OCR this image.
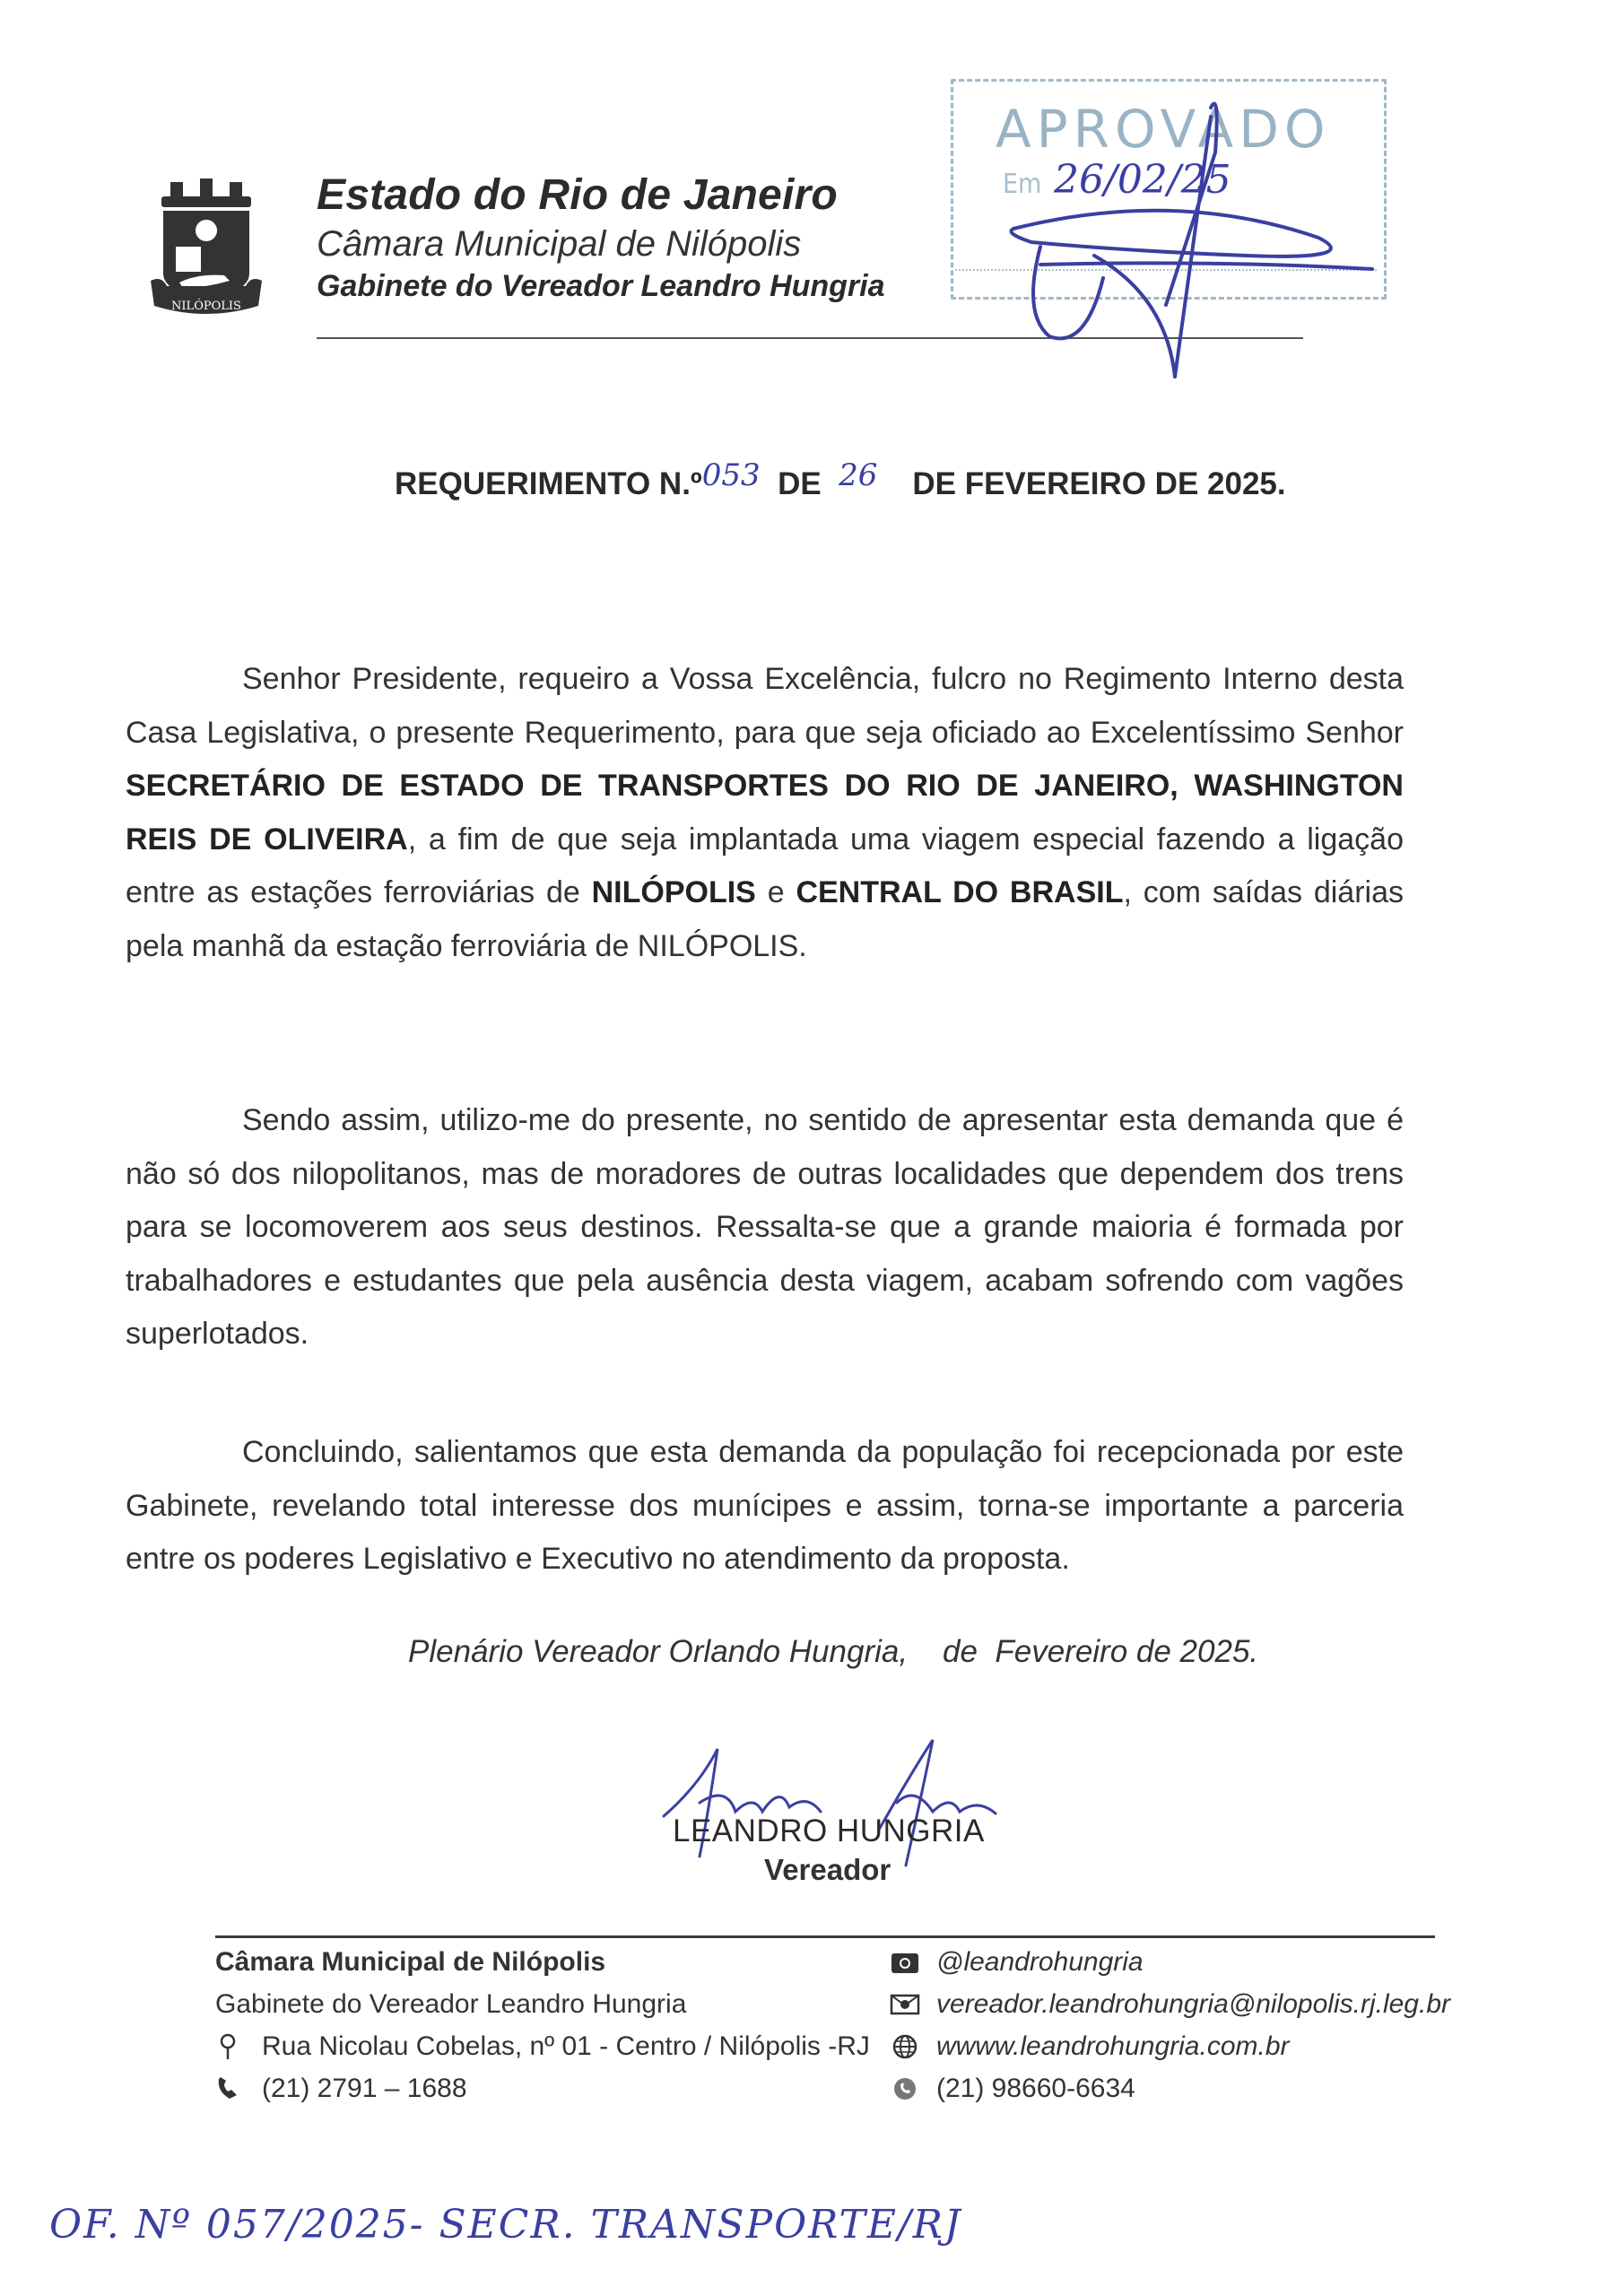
NILÓPOLIS
Estado do Rio de Janeiro
Câmara Municipal de Nilópolis
Gabinete do Vereador Leandro Hungria
APROVADO
Em 26/02/25
REQUERIMENTO N.º053 DE 26 DE FEVEREIRO DE 2025.
Senhor Presidente, requeiro a Vossa Excelência, fulcro no Regimento Interno desta Casa Legislativa, o presente Requerimento, para que seja oficiado ao Excelentíssimo Senhor SECRETÁRIO DE ESTADO DE TRANSPORTES DO RIO DE JANEIRO, WASHINGTON REIS DE OLIVEIRA, a fim de que seja implantada uma viagem especial fazendo a ligação entre as estações ferroviárias de NILÓPOLIS e CENTRAL DO BRASIL, com saídas diárias pela manhã da estação ferroviária de NILÓPOLIS.
Sendo assim, utilizo-me do presente, no sentido de apresentar esta demanda que é não só dos nilopolitanos, mas de moradores de outras localidades que dependem dos trens para se locomoverem aos seus destinos. Ressalta-se que a grande maioria é formada por trabalhadores e estudantes que pela ausência desta viagem, acabam sofrendo com vagões superlotados.
Concluindo, salientamos que esta demanda da população foi recepcionada por este Gabinete, revelando total interesse dos munícipes e assim, torna-se importante a parceria entre os poderes Legislativo e Executivo no atendimento da proposta.
Plenário Vereador Orlando Hungria,    de  Fevereiro de 2025.
LEANDRO HUNGRIA
Vereador
Câmara Municipal de Nilópolis
Gabinete do Vereador Leandro Hungria
Rua Nicolau Cobelas, nº 01 - Centro / Nilópolis -RJ
(21) 2791 – 1688
@leandrohungria
vereador.leandrohungria@nilopolis.rj.leg.br
wwww.leandrohungria.com.br
(21) 98660-6634
OF. Nº 057/2025- SECR. TRANSPORTE/RJ
